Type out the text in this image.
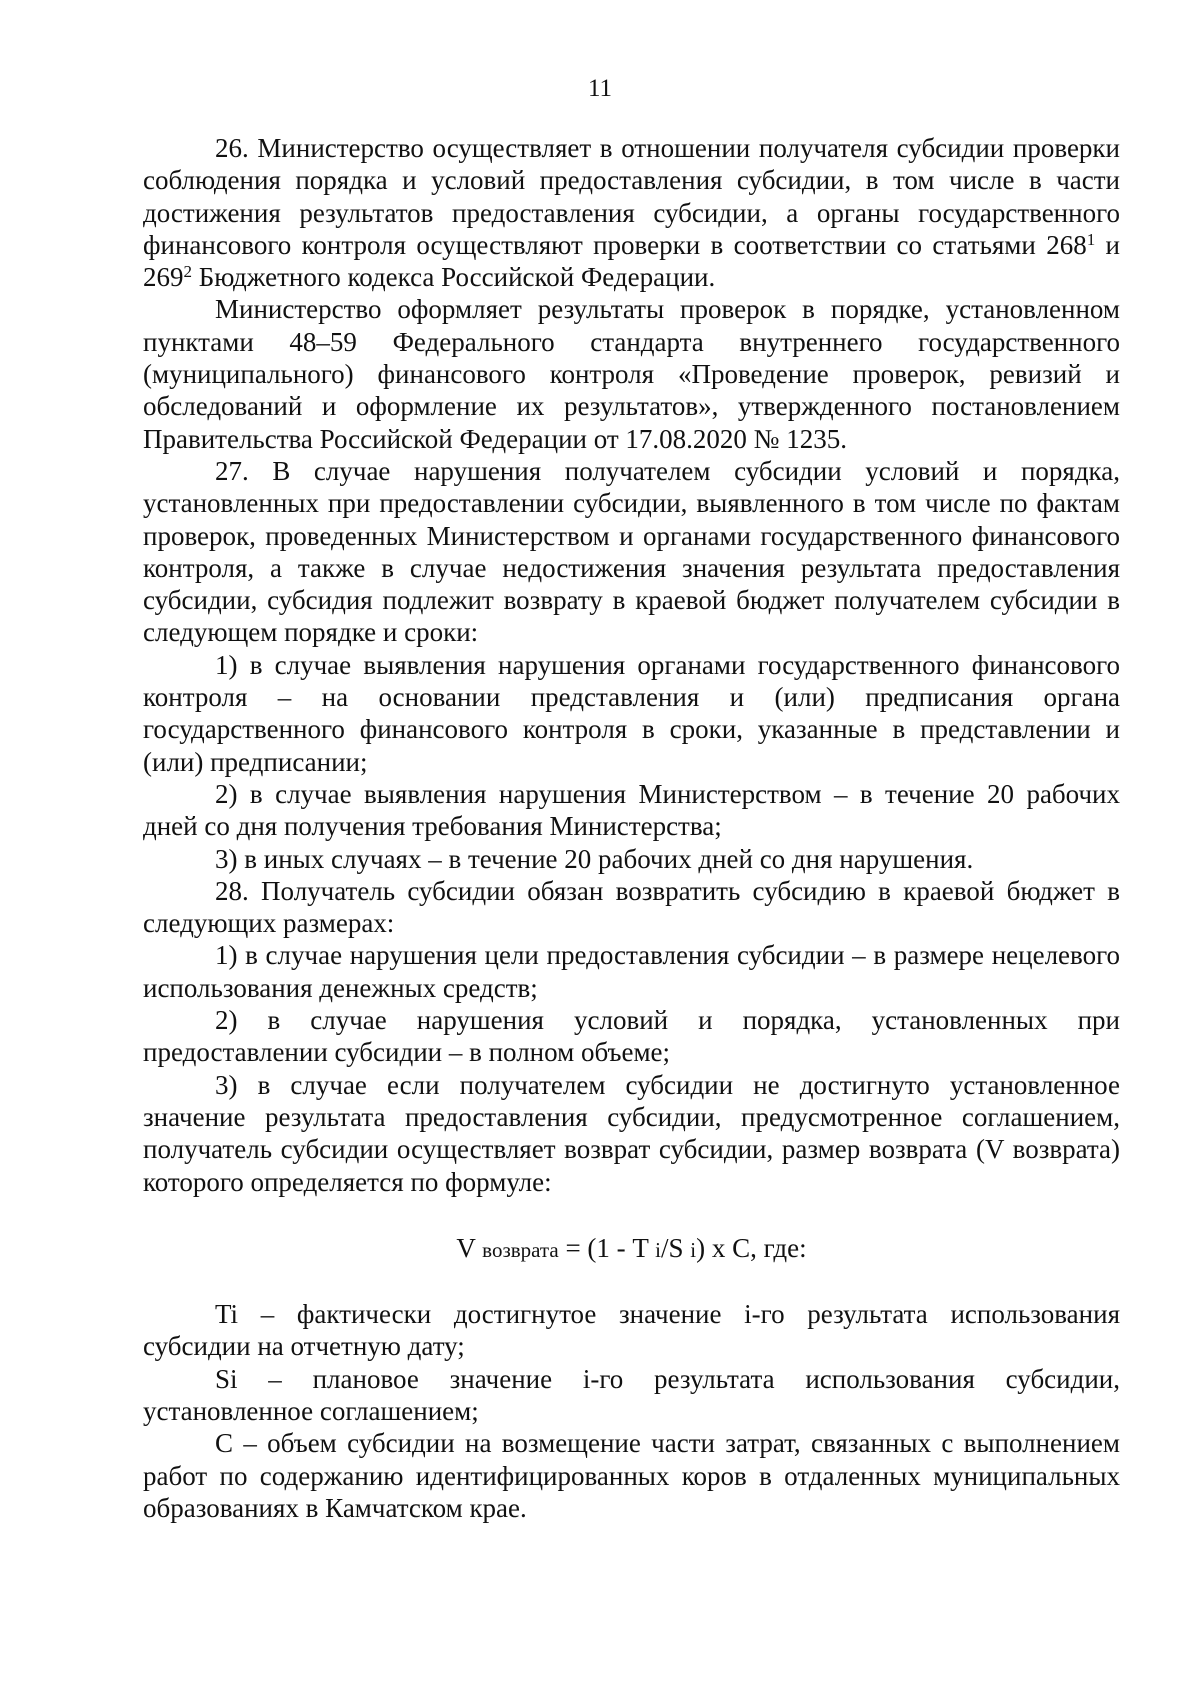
11

26. Министерство осуществляет в отношении получателя субсидии проверки соблюдения порядка и условий предоставления субсидии, в том числе в части достижения результатов предоставления субсидии, а органы государственного финансового контроля осуществляют проверки в соответствии со статьями $268^1$ и $269^2$ Бюджетного кодекса Российской Федерации.

Министерство оформляет результаты проверок в порядке, установленном пунктами 48–59 Федерального стандарта внутреннего государственного (муниципального) финансового контроля «Проведение проверок, ревизий и обследований и оформление их результатов», утвержденного постановлением Правительства Российской Федерации от 17.08.2020 № 1235.

27. В случае нарушения получателем субсидии условий и порядка, установленных при предоставлении субсидии, выявленного в том числе по фактам проверок, проведенных Министерством и органами государственного финансового контроля, а также в случае недостижения значения результата предоставления субсидии, субсидия подлежит возврату в краевой бюджет получателем субсидии в следующем порядке и сроки:

1) в случае выявления нарушения органами государственного финансового контроля – на основании представления и (или) предписания органа государственного финансового контроля в сроки, указанные в представлении и (или) предписании;

2) в случае выявления нарушения Министерством – в течение 20 рабочих дней со дня получения требования Министерства;

3) в иных случаях – в течение 20 рабочих дней со дня нарушения.

28. Получатель субсидии обязан возвратить субсидию в краевой бюджет в следующих размерах:

1) в случае нарушения цели предоставления субсидии – в размере нецелевого использования денежных средств;

2) в случае нарушения условий и порядка, установленных при предоставлении субсидии – в полном объеме;

3) в случае если получателем субсидии не достигнуто установленное значение результата предоставления субсидии, предусмотренное соглашением, получатель субсидии осуществляет возврат субсидии, размер возврата (V возврата) которого определяется по формуле:

V возврата = (1 - T i/S i) x C, где:

Ti – фактически достигнутое значение i-го результата использования субсидии на отчетную дату;

Si – плановое значение i-го результата использования субсидии, установленное соглашением;

C – объем субсидии на возмещение части затрат, связанных с выполнением работ по содержанию идентифицированных коров в отдаленных муниципальных образованиях в Камчатском крае.
